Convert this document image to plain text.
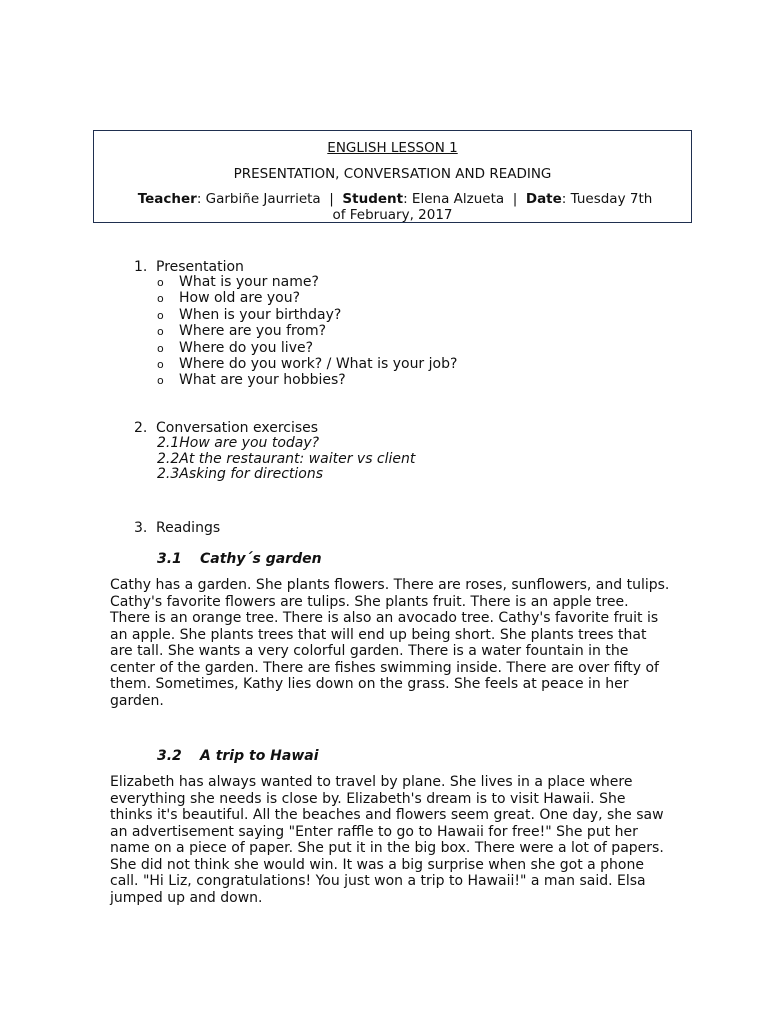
ENGLISH LESSON 1
PRESENTATION, CONVERSATION AND READING
Teacher: Garbiñe Jaurrieta  |  Student: Elena Alzueta  |  Date: Tuesday 7th
of February, 2017
1. Presentation
o What is your name?
o How old are you?
o When is your birthday?
o Where are you from?
o Where do you live?
o Where do you work? / What is your job?
o What are your hobbies?
2. Conversation exercises
2.1How are you today?
2.2At the restaurant: waiter vs client
2.3Asking for directions
3. Readings
3.1 Cathy´s garden

Cathy has a garden. She plants flowers. There are roses, sunflowers, and tulips. Cathy's favorite flowers are tulips. She plants fruit. There is an apple tree. There is an orange tree. There is also an avocado tree. Cathy's favorite fruit is an apple. She plants trees that will end up being short. She plants trees that are tall. She wants a very colorful garden. There is a water fountain in the center of the garden. There are fishes swimming inside. There are over fifty of them. Sometimes, Kathy lies down on the grass. She feels at peace in her garden.

3.2 A trip to Hawai

Elizabeth has always wanted to travel by plane. She lives in a place where everything she needs is close by. Elizabeth's dream is to visit Hawaii. She thinks it's beautiful. All the beaches and flowers seem great. One day, she saw an advertisement saying "Enter raffle to go to Hawaii for free!" She put her name on a piece of paper. She put it in the big box. There were a lot of papers. She did not think she would win. It was a big surprise when she got a phone call. "Hi Liz, congratulations! You just won a trip to Hawaii!" a man said. Elsa jumped up and down.
